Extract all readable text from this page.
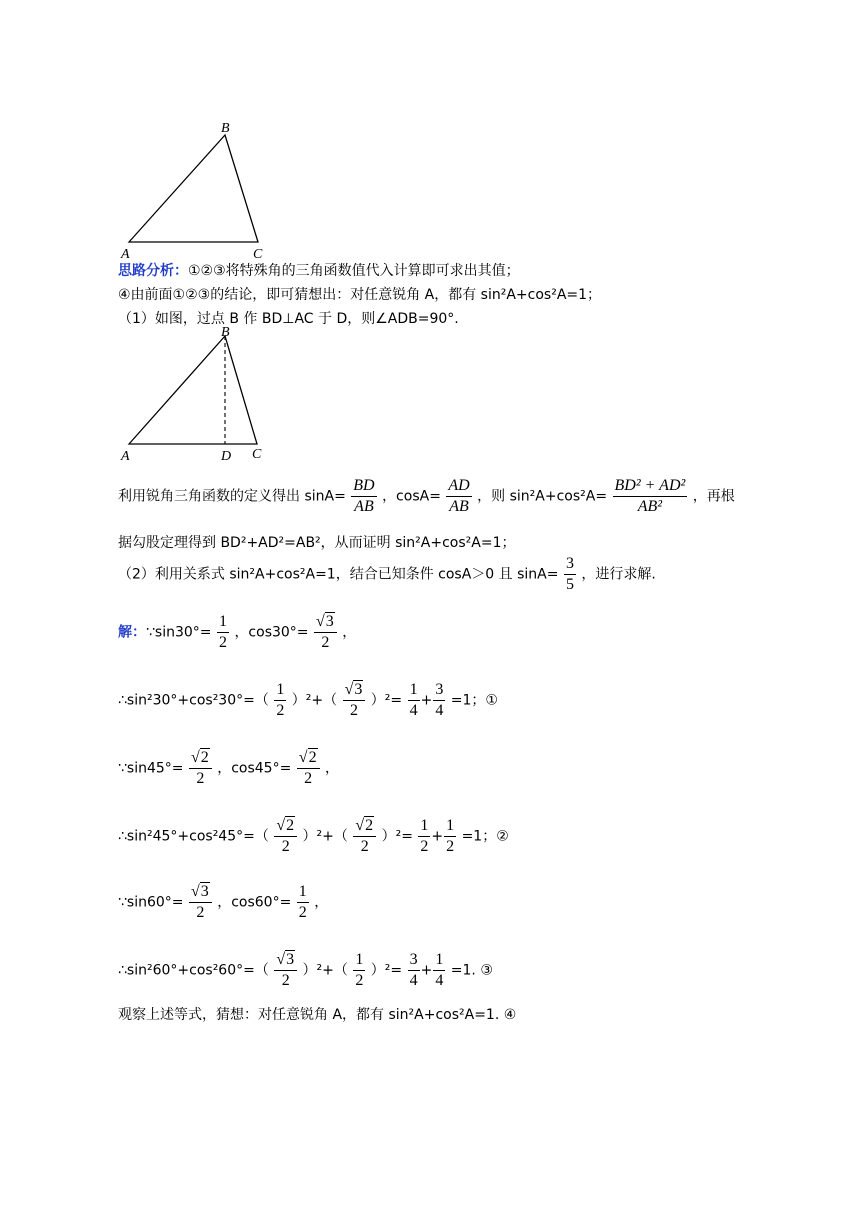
B
A	C
思路分析：①②③将特殊角的三角函数值代入计算即可求出其值；
④由前面①②③的结论，即可猜想出：对任意锐角 A，都有 sin²A+cos²A=1；
（1）如图，过点 B 作 BD⊥AC 于 D，则∠ADB=90°.
B
A	D C
利用锐角三角函数的定义得出 $\sin A= \frac{BD}{AB}$ ，$\cos A= \frac{AD}{AB}$ ，则 $\sin^2A+\cos^2A= \frac{\text{BD² + AD²}}{\text{AB²}}$ ，再根
据勾股定理得到 BD²+AD²=AB²，从而证明 sin²A+cos²A=1；
（2）利用关系式 sin²A+cos²A=1，结合已知条件 cosA＞0 且 $\sin A= \frac{3}{5}$ ，进行求解.
解：∵sin30°= $\frac{1}{2}$ ，$\cos 30^\circ= \frac{√3}{2}$ ，
∴sin²30°+cos²30°=（ $\frac{1}{2} )^2+( \frac{√3}{2} )^2= \frac{1}{4} + \frac{3}{4} =1$；①
∵sin45°= $\frac{√2}{2}$ ，$\cos 45^\circ= \frac{√2}{2}$ ，
∴sin²45°+cos²45°=（ $\frac{√2}{2} )^2+( \frac{√2}{2} )^2= \frac{1}{2} + \frac{1}{2} =1$；②
∵sin60°= $\frac{√3}{2}$ ，$\cos 60^\circ= \frac{1}{2}$ ，
∴sin²60°+cos²60°=（ $\frac{√3}{2} )^2+( \frac{1}{2} )^2= \frac{3}{4} + \frac{1}{4} =1$. ③
观察上述等式，猜想：对任意锐角 A，都有 sin²A+cos²A=1. ④
